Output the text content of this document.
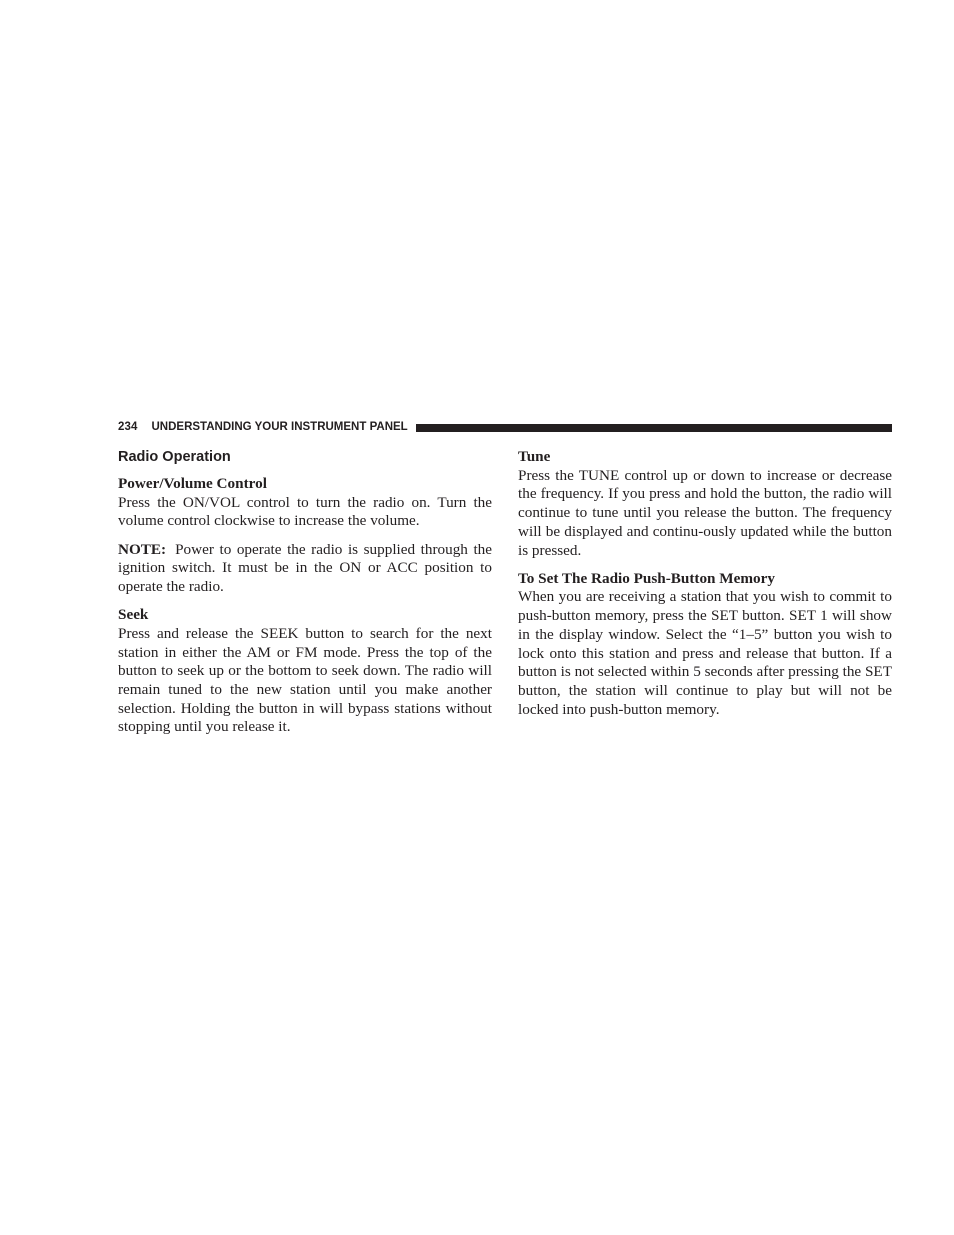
234 UNDERSTANDING YOUR INSTRUMENT PANEL
Radio Operation

Power/Volume Control

Press the ON/VOL control to turn the radio on. Turn the volume control clockwise to increase the volume.

NOTE: Power to operate the radio is supplied through the ignition switch. It must be in the ON or ACC position to operate the radio.

Seek

Press and release the SEEK button to search for the next station in either the AM or FM mode. Press the top of the button to seek up or the bottom to seek down. The radio will remain tuned to the new station until you make another selection. Holding the button in will bypass stations without stopping until you release it.

Tune

Press the TUNE control up or down to increase or decrease the frequency. If you press and hold the button, the radio will continue to tune until you release the button. The frequency will be displayed and continu-ously updated while the button is pressed.

To Set The Radio Push-Button Memory

When you are receiving a station that you wish to commit to push-button memory, press the SET button. SET 1 will show in the display window. Select the “1–5” button you wish to lock onto this station and press and release that button. If a button is not selected within 5 seconds after pressing the SET button, the station will continue to play but will not be locked into push-button memory.
